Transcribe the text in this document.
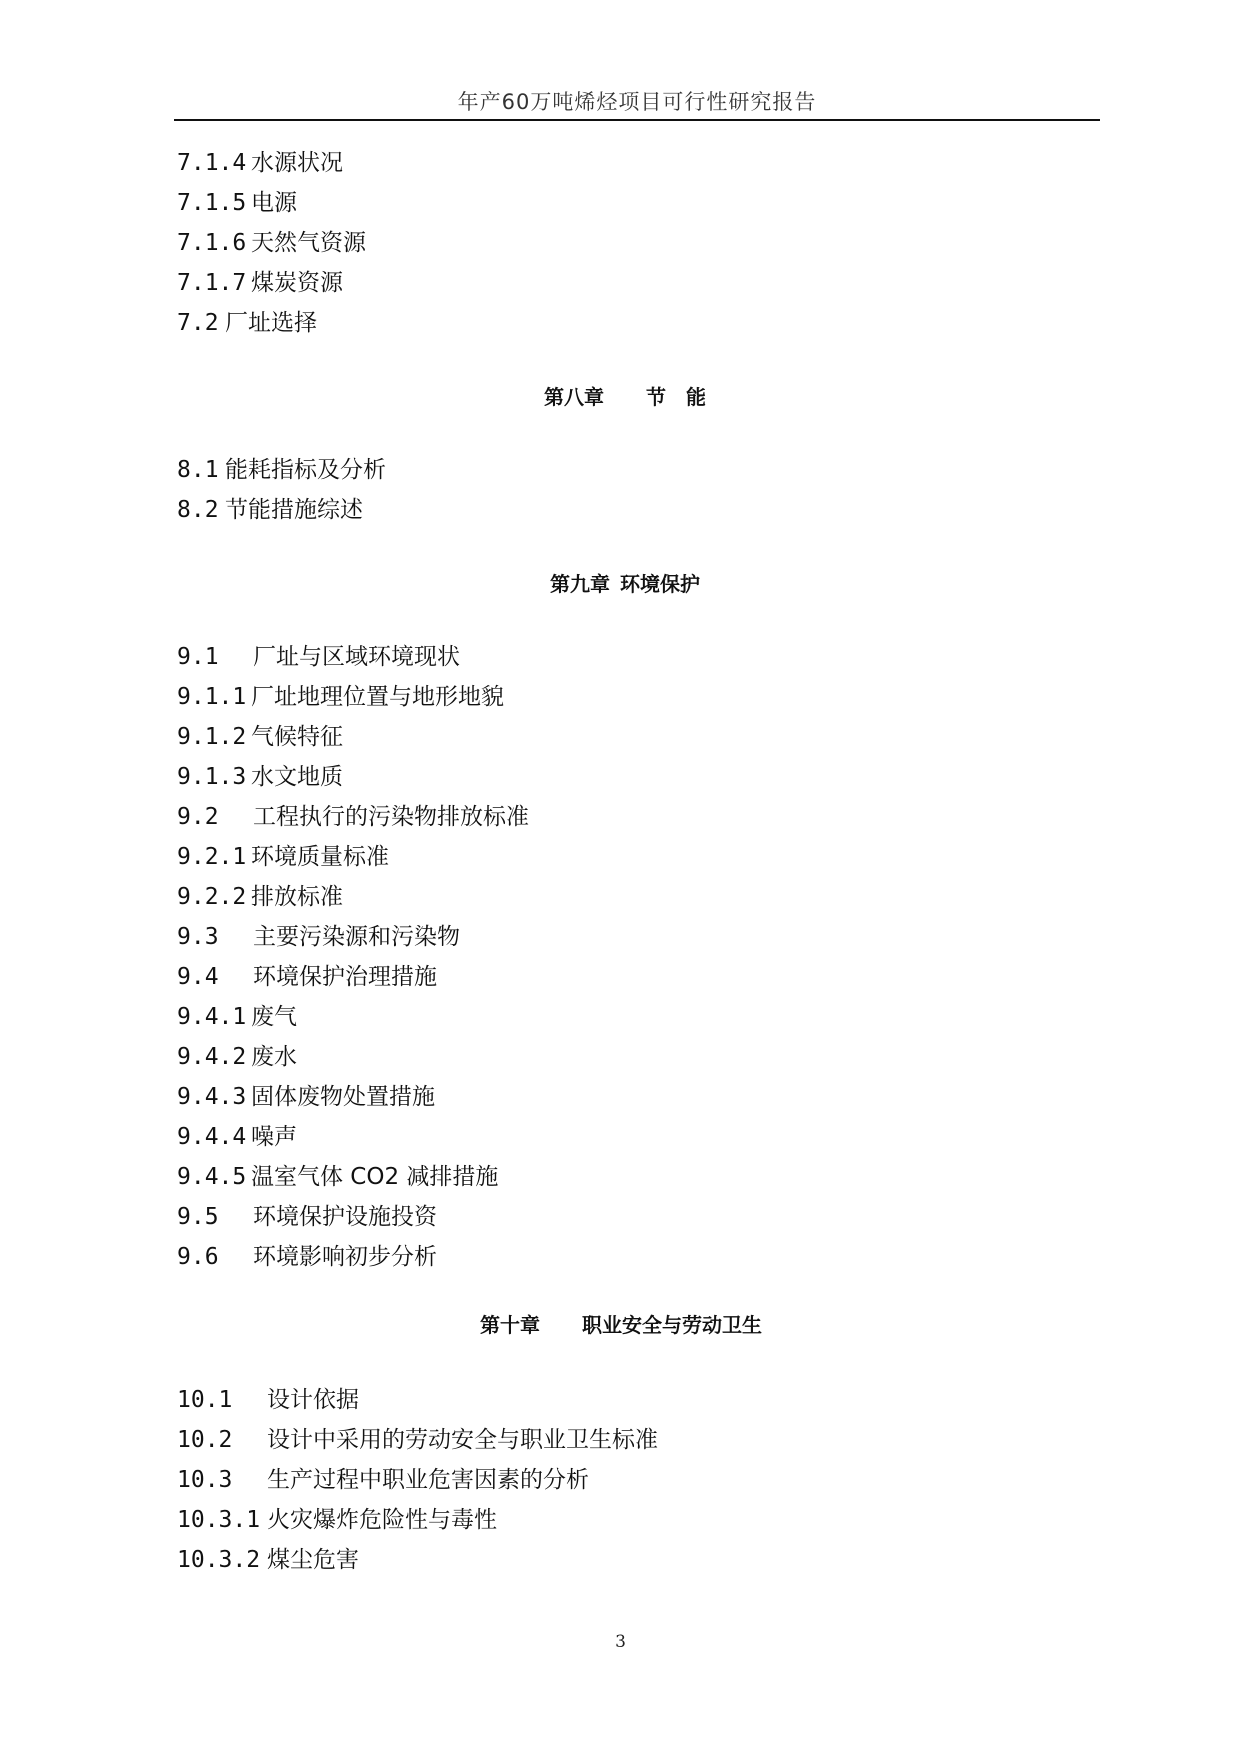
年产60万吨烯烃项目可行性研究报告
7.1.4 水源状况
7.1.5 电源
7.1.6 天然气资源
7.1.7 煤炭资源
7.2 厂址选择
第八章 节　能
8.1 能耗指标及分析
8.2 节能措施综述
第九章 环境保护
9.1 厂址与区域环境现状
9.1.1 厂址地理位置与地形地貌
9.1.2 气候特征
9.1.3 水文地质
9.2 工程执行的污染物排放标准
9.2.1 环境质量标准
9.2.2 排放标准
9.3 主要污染源和污染物
9.4 环境保护治理措施
9.4.1 废气
9.4.2 废水
9.4.3 固体废物处置措施
9.4.4 噪声
9.4.5 温室气体 CO2 减排措施
9.5 环境保护设施投资
9.6 环境影响初步分析
第十章 职业安全与劳动卫生
10.1 设计依据
10.2 设计中采用的劳动安全与职业卫生标准
10.3 生产过程中职业危害因素的分析
10.3.1 火灾爆炸危险性与毒性
10.3.2 煤尘危害
3
